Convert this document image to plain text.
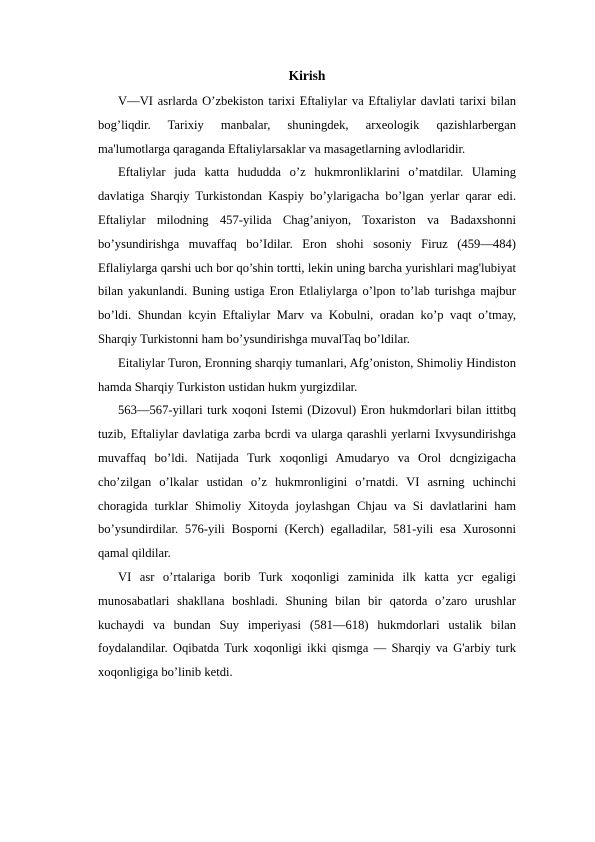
Kirish

V—VI asrlarda O’zbekiston tarixi Eftaliylar va Eftaliylar davlati tarixi bilan bog’liqdir. Tarixiy manbalar, shuningdek, arxeologik qazishlarbergan ma'lumotlarga qaraganda Eftaliylarsaklar va masagetlarning avlodlaridir.

Eftaliylar juda katta hududda o’z hukmronliklarini o’matdilar. Ulaming davlatiga Sharqiy Turkistondan Kaspiy bo’ylarigacha bo’lgan yerlar qarar edi. Eftaliylar milodning 457-yilida Chag’aniyon, Toxariston va Badaxshonni bo’ysundirishga muvaffaq bo’Idilar. Eron shohi sosoniy Firuz (459—484) Eflaliylarga qarshi uch bor qo’shin tortti, lekin uning barcha yurishlari mag'lubiyat bilan yakunlandi. Buning ustiga Eron Etlaliylarga o’lpon to’lab turishga majbur bo’ldi. Shundan kcyin Eftaliylar Marv va Kobulni, oradan ko’p vaqt o’tmay, Sharqiy Turkistonni ham bo’ysundirishga muvalTaq bo’ldilar.

Eitaliylar Turon, Eronning sharqiy tumanlari, Afg’oniston, Shimoliy Hindiston hamda Sharqiy Turkiston ustidan hukm yurgizdilar.

563—567-yillari turk xoqoni Istemi (Dizovul) Eron hukmdorlari bilan ittitbq tuzib, Eftaliylar davlatiga zarba bcrdi va ularga qarashli yerlarni Ixvysundirishga muvaffaq bo’ldi. Natijada Turk xoqonligi Amudaryo va Orol dcngizigacha cho’zilgan o’lkalar ustidan o’z hukmronligini o’rnatdi. VI asrning uchinchi choragida turklar Shimoliy Xitoyda joylashgan Chjau va Si davlatlarini ham bo’ysundirdilar. 576-yili Bosporni (Kerch) egalladilar, 581-yili esa Xurosonni qamal qildilar.

VI asr o’rtalariga borib Turk xoqonligi zaminida ilk katta ycr egaligi munosabatlari shakllana boshladi. Shuning bilan bir qatorda o’zaro urushlar kuchaydi va bundan Suy imperiyasi (581—618) hukmdorlari ustalik bilan foydalandilar. Oqibatda Turk xoqonligi ikki qismga — Sharqiy va G'arbiy turk xoqonligiga bo’linib ketdi.
